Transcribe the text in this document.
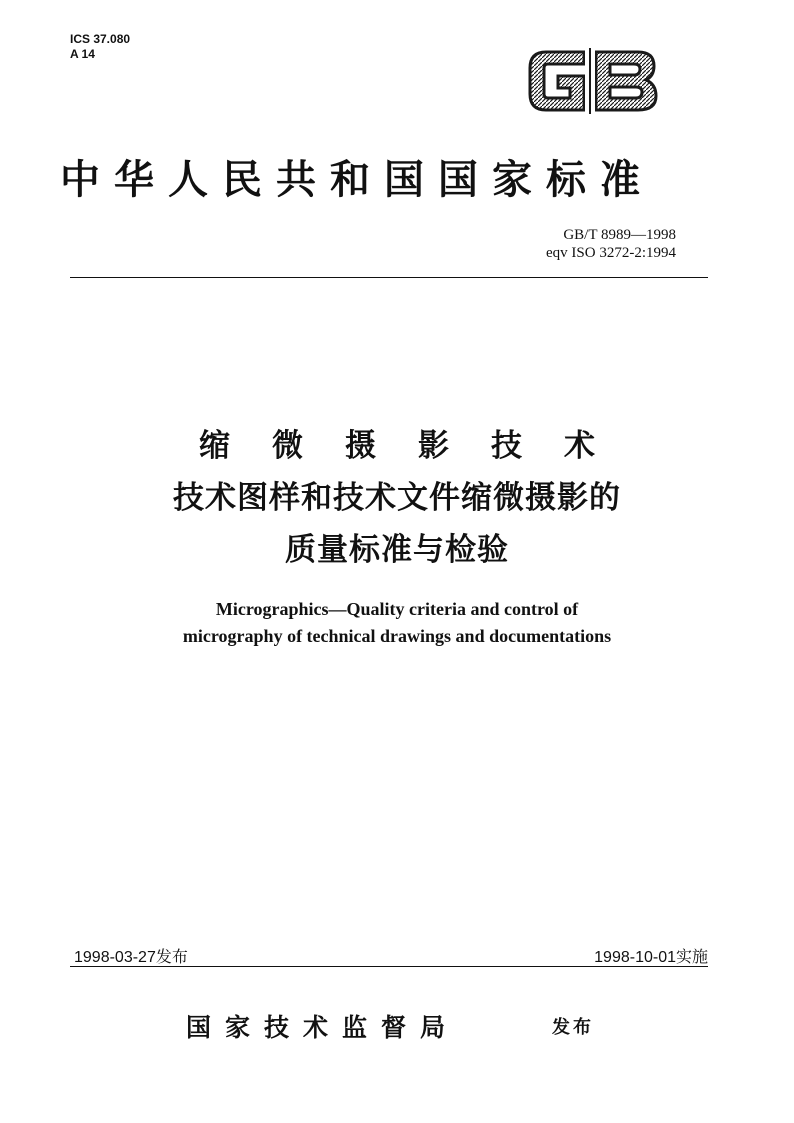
ICS 37.080
A 14
中华人民共和国国家标准
GB/T 8989—1998
eqv ISO 3272-2:1994
缩微摄影技术
技术图样和技术文件缩微摄影的
质量标准与检验
Micrographics—Quality criteria and control of
micrography of technical drawings and documentations
1998-03-27发布	1998-10-01实施
国家技术监督局	发布
